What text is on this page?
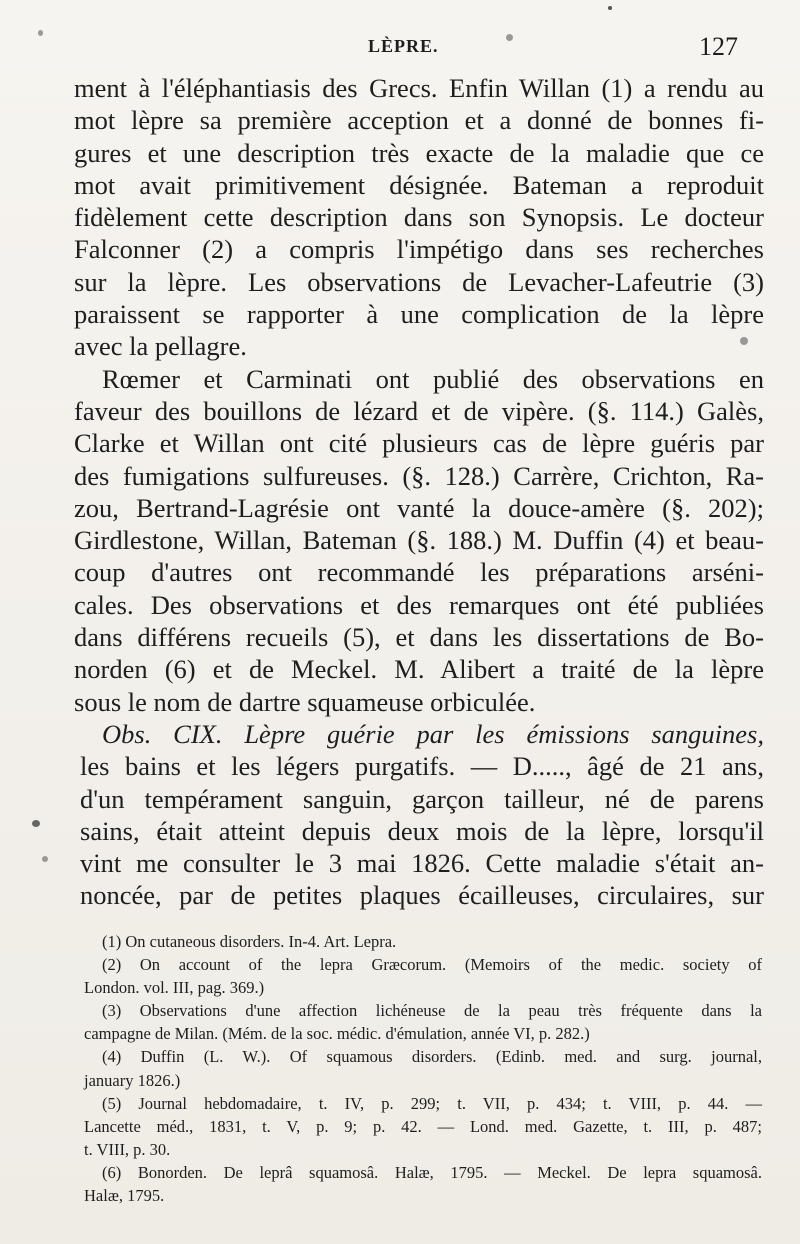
LÈPRE.	127
ment à l'éléphantiasis des Grecs. Enfin Willan (1) a rendu au
mot lèpre sa première acception et a donné de bonnes fi-
gures et une description très exacte de la maladie que ce
mot avait primitivement désignée. Bateman a reproduit
fidèlement cette description dans son Synopsis. Le docteur
Falconner (2) a compris l'impétigo dans ses recherches
sur la lèpre. Les observations de Levacher-Lafeutrie (3)
paraissent se rapporter à une complication de la lèpre
avec la pellagre.
Rœmer et Carminati ont publié des observations en
faveur des bouillons de lézard et de vipère. (§. 114.) Galès,
Clarke et Willan ont cité plusieurs cas de lèpre guéris par
des fumigations sulfureuses. (§. 128.) Carrère, Crichton, Ra-
zou, Bertrand-Lagrésie ont vanté la douce-amère (§. 202);
Girdlestone, Willan, Bateman (§. 188.) M. Duffin (4) et beau-
coup d'autres ont recommandé les préparations arséni-
cales. Des observations et des remarques ont été publiées
dans différens recueils (5), et dans les dissertations de Bo-
norden (6) et de Meckel. M. Alibert a traité de la lèpre
sous le nom de dartre squameuse orbiculée.
Obs. CIX. Lèpre guérie par les émissions sanguines,
les bains et les légers purgatifs. — D....., âgé de 21 ans,
d'un tempérament sanguin, garçon tailleur, né de parens
sains, était atteint depuis deux mois de la lèpre, lorsqu'il
vint me consulter le 3 mai 1826. Cette maladie s'était an-
noncée, par de petites plaques écailleuses, circulaires, sur
(1) On cutaneous disorders. In-4. Art. Lepra.
(2) On account of the lepra Græcorum. (Memoirs of the medic. society of
London. vol. III, pag. 369.)
(3) Observations d'une affection lichéneuse de la peau très fréquente dans la
campagne de Milan. (Mém. de la soc. médic. d'émulation, année VI, p. 282.)
(4) Duffin (L. W.). Of squamous disorders. (Edinb. med. and surg. journal,
january 1826.)
(5) Journal hebdomadaire, t. IV, p. 299; t. VII, p. 434; t. VIII, p. 44. —
Lancette méd., 1831, t. V, p. 9; p. 42. — Lond. med. Gazette, t. III, p. 487;
t. VIII, p. 30.
(6) Bonorden. De leprâ squamosâ. Halæ, 1795. — Meckel. De lepra squamosâ.
Halæ, 1795.
